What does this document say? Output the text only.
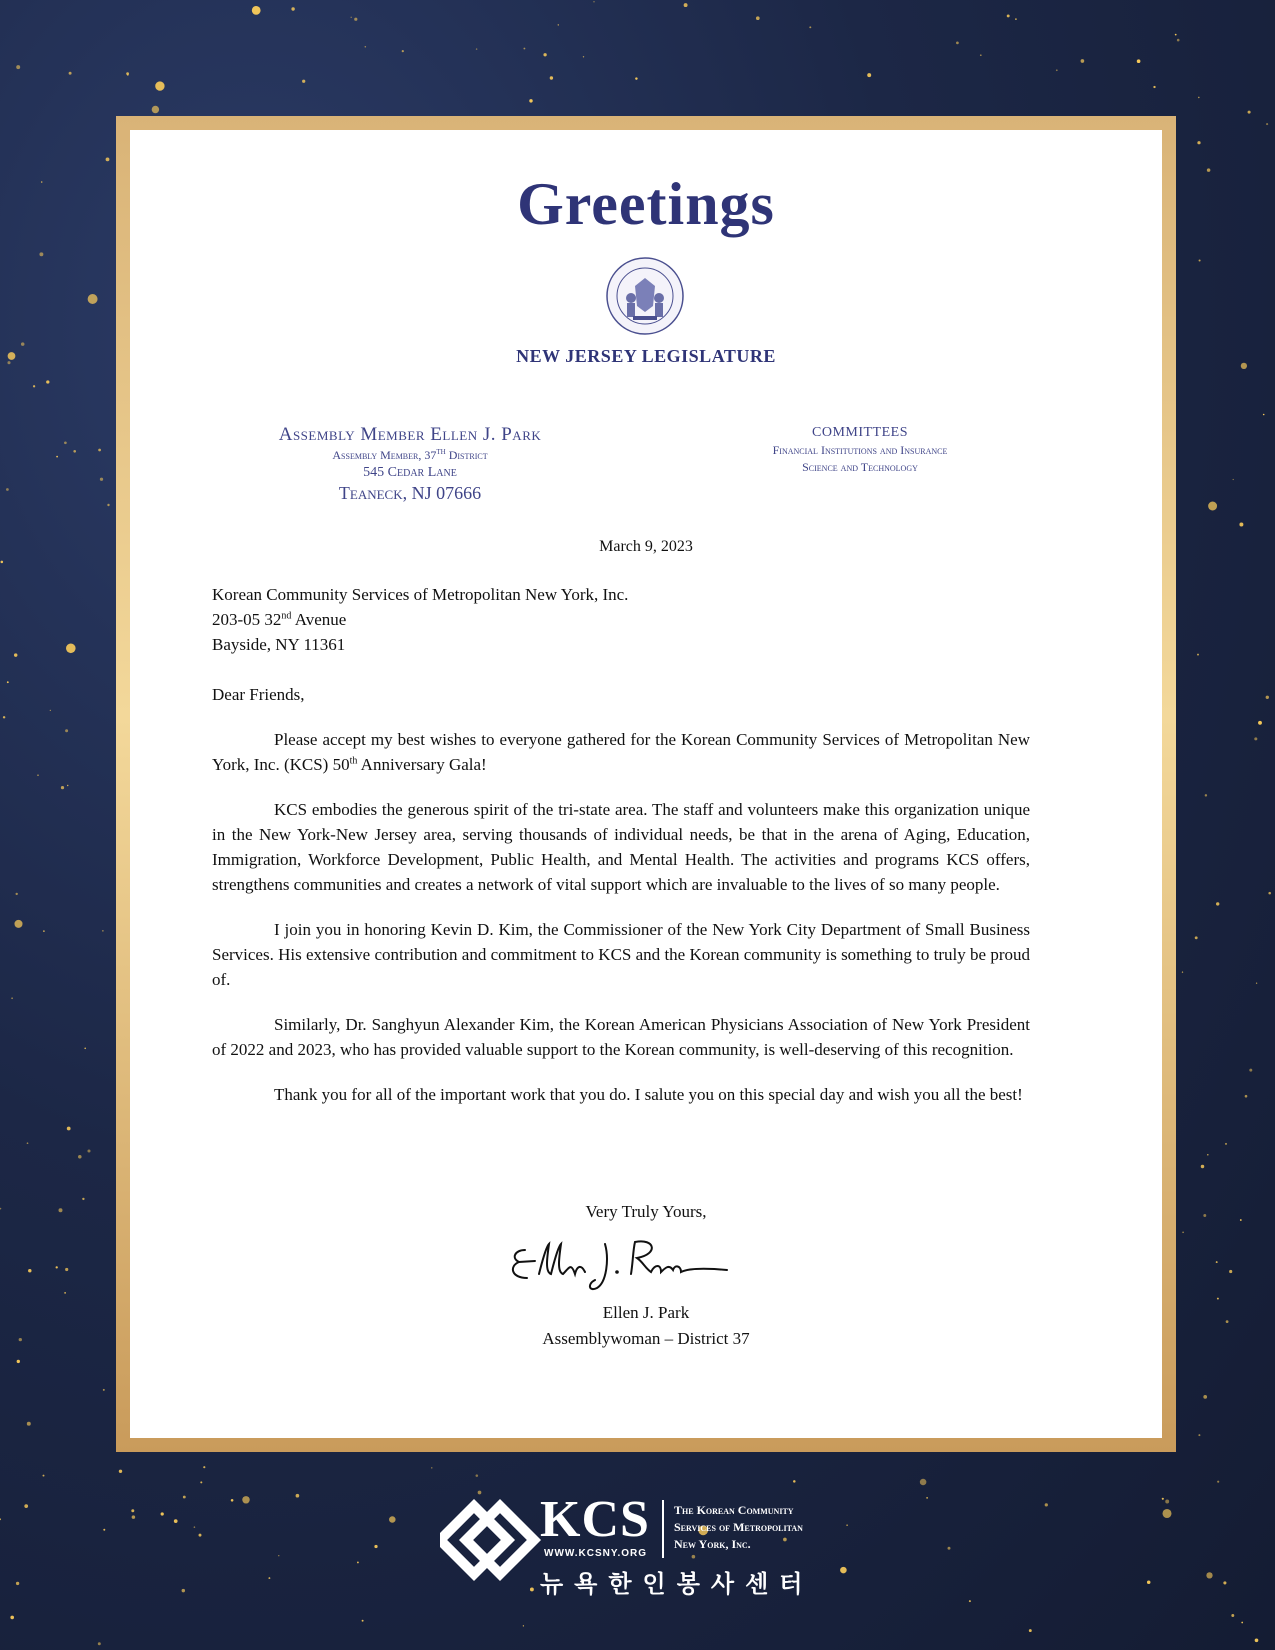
Greetings
NEW JERSEY LEGISLATURE
Assembly Member Ellen J. Park
Assembly Member, 37th District
545 Cedar Lane
Teaneck, NJ 07666
COMMITTEES
Financial Institutions and Insurance
Science and Technology
March 9, 2023
Korean Community Services of Metropolitan New York, Inc.
203-05 32nd Avenue
Bayside, NY 11361
Dear Friends,

Please accept my best wishes to everyone gathered for the Korean Community Services of Metropolitan New York, Inc. (KCS) 50th Anniversary Gala!

KCS embodies the generous spirit of the tri-state area. The staff and volunteers make this organization unique in the New York-New Jersey area, serving thousands of individual needs, be that in the arena of Aging, Education, Immigration, Workforce Development, Public Health, and Mental Health. The activities and programs KCS offers, strengthens communities and creates a network of vital support which are invaluable to the lives of so many people.

I join you in honoring Kevin D. Kim, the Commissioner of the New York City Department of Small Business Services. His extensive contribution and commitment to KCS and the Korean community is something to truly be proud of.

Similarly, Dr. Sanghyun Alexander Kim, the Korean American Physicians Association of New York President of 2022 and 2023, who has provided valuable support to the Korean community, is well-deserving of this recognition.

Thank you for all of the important work that you do. I salute you on this special day and wish you all the best!

Very Truly Yours,
Ellen J. Park
Assemblywoman – District 37
KCS
WWW.KCSNY.ORG
The Korean Community
Services of Metropolitan
New York, Inc.
뉴욕한인봉사센터
